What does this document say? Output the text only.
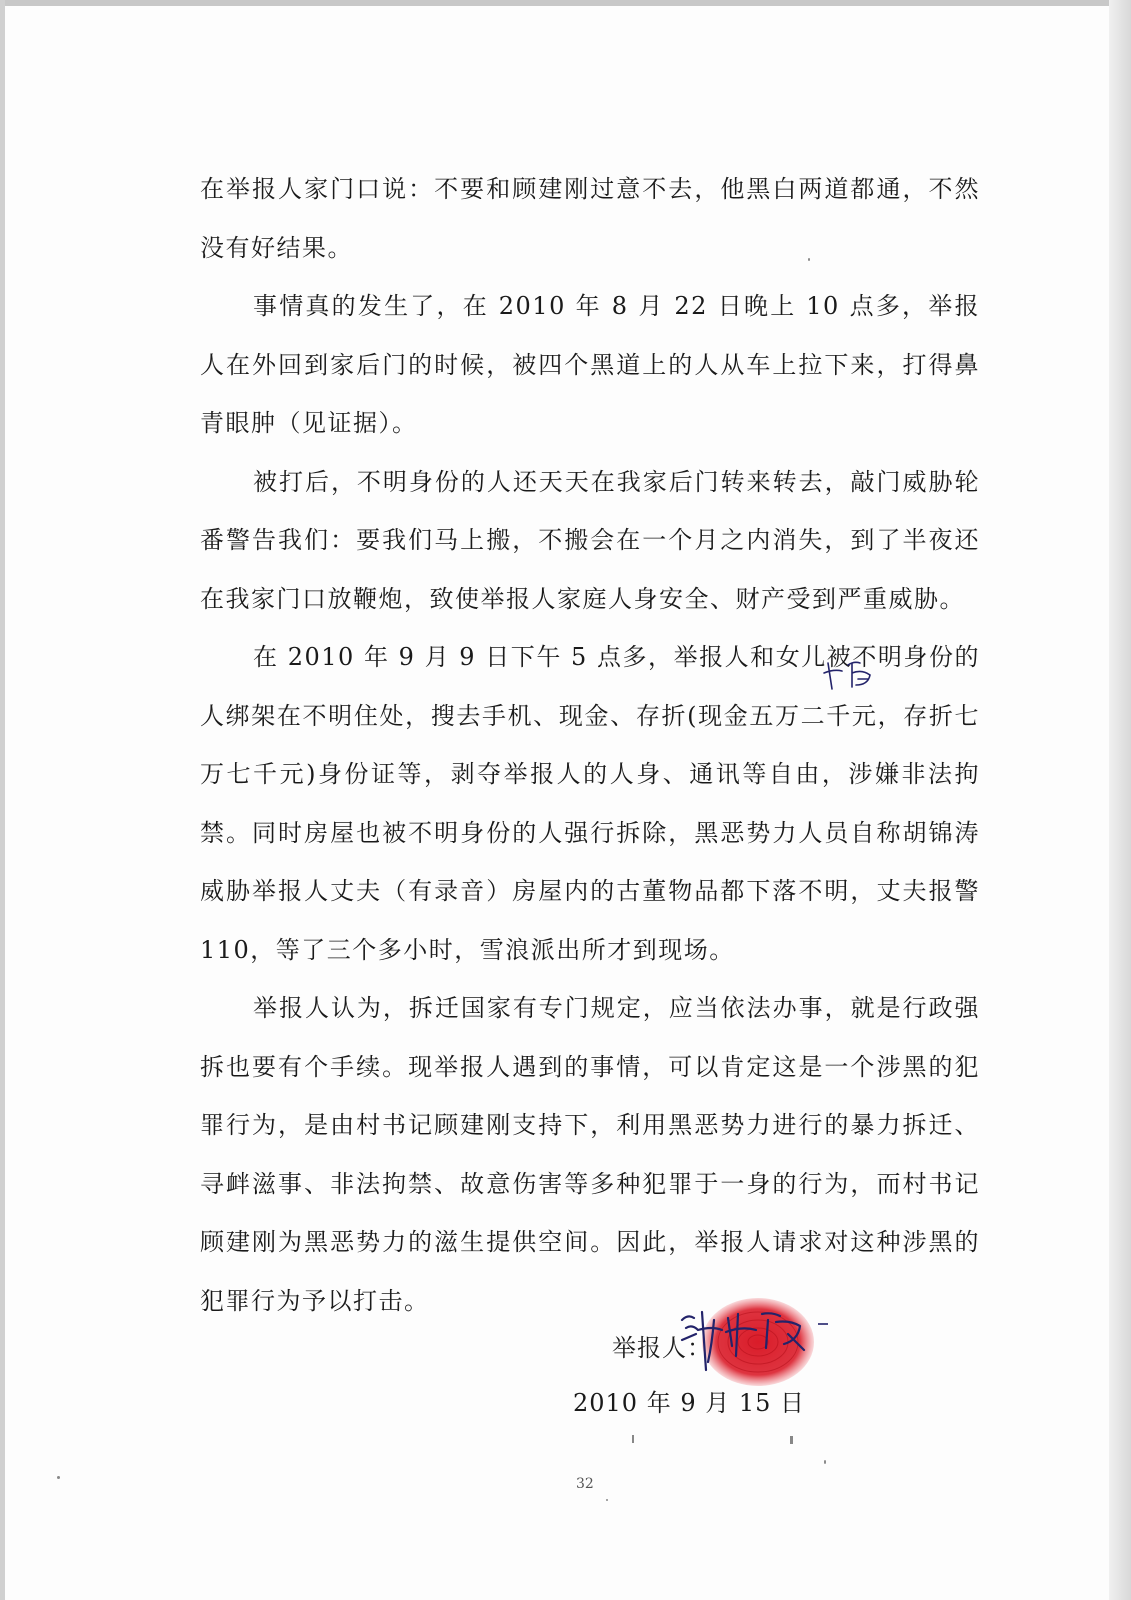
在举报人家门口说：不要和顾建刚过意不去，他黑白两道都通，不然没有好结果。

事情真的发生了，在 2010 年 8 月 22 日晚上 10 点多，举报人在外回到家后门的时候，被四个黑道上的人从车上拉下来，打得鼻青眼肿（见证据）。

被打后，不明身份的人还天天在我家后门转来转去，敲门威胁轮番警告我们：要我们马上搬，不搬会在一个月之内消失，到了半夜还在我家门口放鞭炮，致使举报人家庭人身安全、财产受到严重威胁。

在 2010 年 9 月 9 日下午 5 点多，举报人和女儿被不明身份的人绑架在不明住处，搜去手机、现金、存折(现金五万二千元，存折七万七千元)身份证等，剥夺举报人的人身、通讯等自由，涉嫌非法拘禁。同时房屋也被不明身份的人强行拆除，黑恶势力人员自称胡锦涛威胁举报人丈夫（有录音）房屋内的古董物品都下落不明，丈夫报警 110，等了三个多小时，雪浪派出所才到现场。

举报人认为，拆迁国家有专门规定，应当依法办事，就是行政强拆也要有个手续。现举报人遇到的事情，可以肯定这是一个涉黑的犯罪行为，是由村书记顾建刚支持下，利用黑恶势力进行的暴力拆迁、寻衅滋事、非法拘禁、故意伤害等多种犯罪于一身的行为，而村书记顾建刚为黑恶势力的滋生提供空间。因此，举报人请求对这种涉黑的犯罪行为予以打击。

举报人：
2010 年 9 月 15 日
32
